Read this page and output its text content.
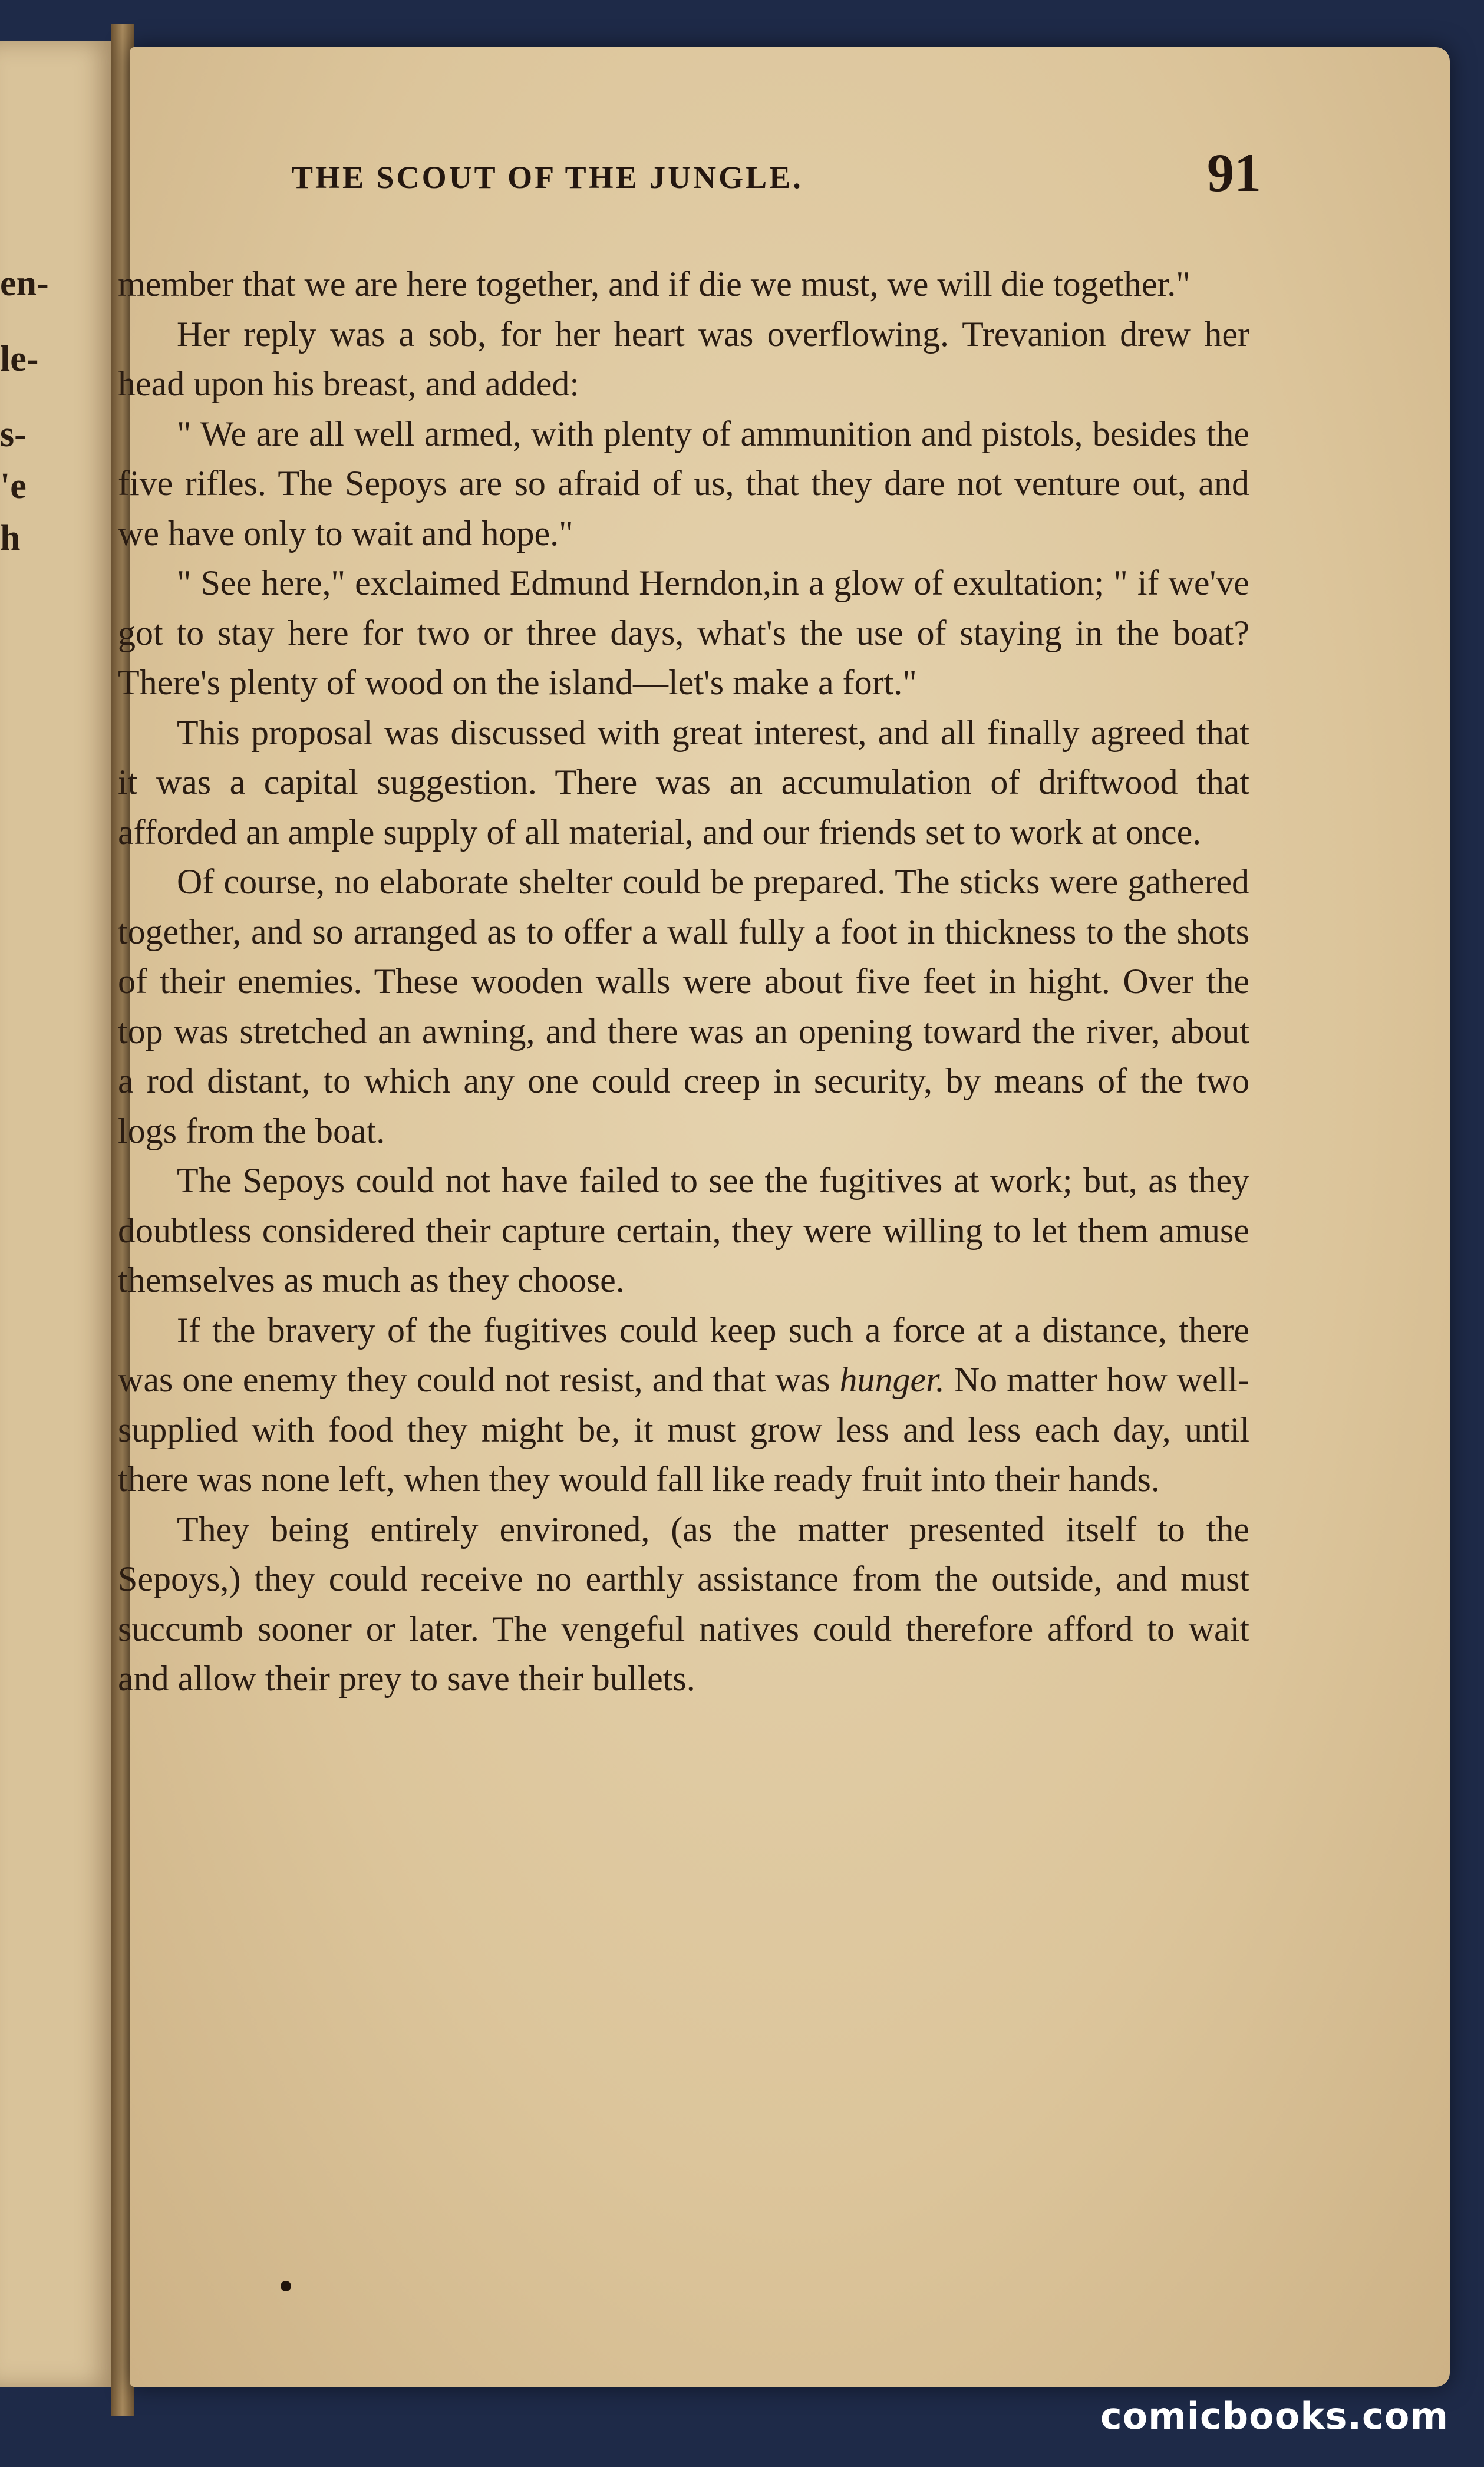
en-
le-
s-
'e
h
THE SCOUT OF THE JUNGLE.	91

member that we are here together, and if die we must, we will die together."

Her reply was a sob, for her heart was overflowing. Trevanion drew her head upon his breast, and added:

" We are all well armed, with plenty of ammunition and pistols, besides the five rifles. The Sepoys are so afraid of us, that they dare not venture out, and we have only to wait and hope."

" See here," exclaimed Edmund Herndon,in a glow of exultation; " if we've got to stay here for two or three days, what's the use of staying in the boat? There's plenty of wood on the island—let's make a fort."

This proposal was discussed with great interest, and all finally agreed that it was a capital suggestion. There was an accumulation of driftwood that afforded an ample supply of all material, and our friends set to work at once.

Of course, no elaborate shelter could be prepared. The sticks were gathered together, and so arranged as to offer a wall fully a foot in thickness to the shots of their enemies. These wooden walls were about five feet in hight. Over the top was stretched an awning, and there was an opening toward the river, about a rod distant, to which any one could creep in security, by means of the two logs from the boat.

The Sepoys could not have failed to see the fugitives at work; but, as they doubtless considered their capture certain, they were willing to let them amuse themselves as much as they choose.

If the bravery of the fugitives could keep such a force at a distance, there was one enemy they could not resist, and that was hunger. No matter how well-supplied with food they might be, it must grow less and less each day, until there was none left, when they would fall like ready fruit into their hands.

They being entirely environed, (as the matter presented itself to the Sepoys,) they could receive no earthly assistance from the outside, and must succumb sooner or later. The vengeful natives could therefore afford to wait and allow their prey to save their bullets.

comicbooks.com
